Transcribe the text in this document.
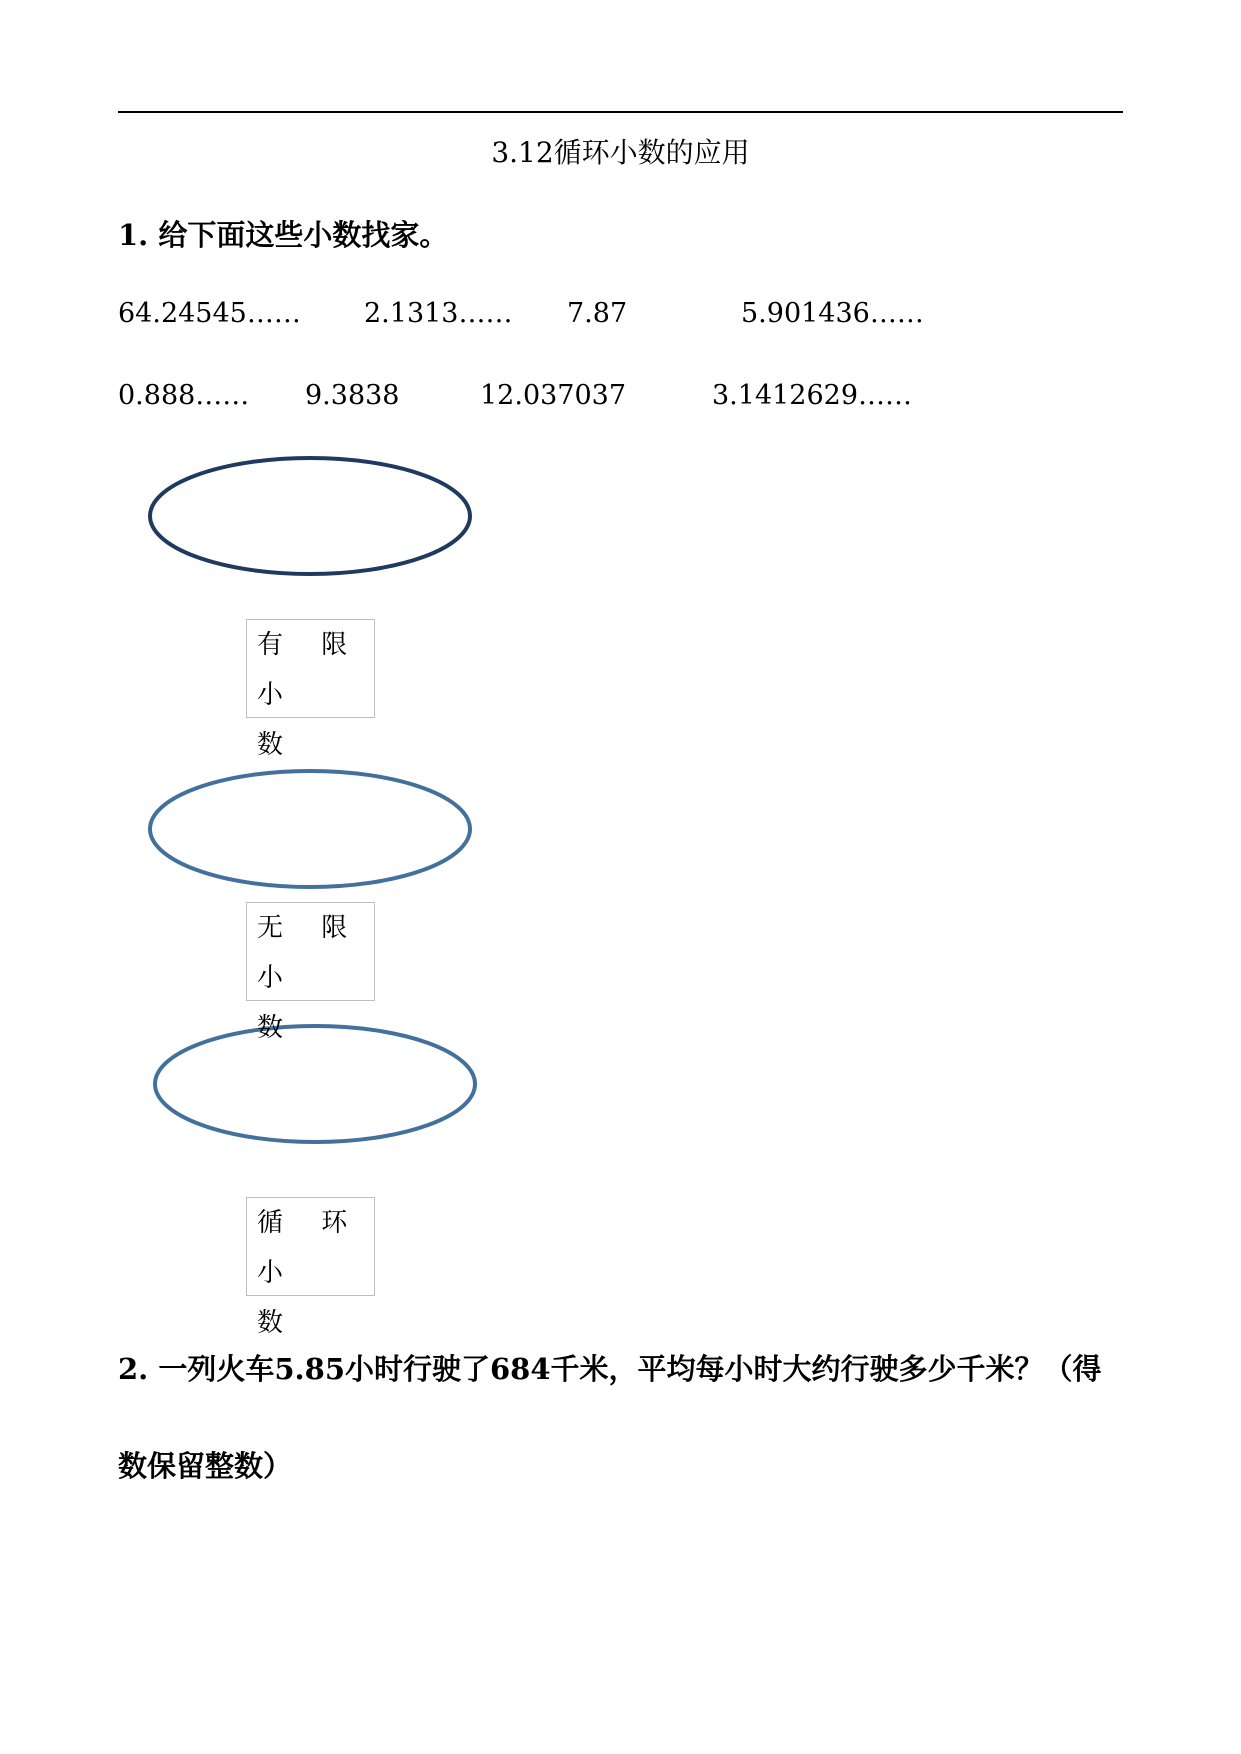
3.12循环小数的应用
1. 给下面这些小数找家。
64.24545…… 2.1313…… 7.87	5.901436……
0.888…… 9.3838	12.037037	3.1412629……
有 限 小
数
无 限 小
数
循 环 小
数
2. 一列火车5.85小时行驶了684千米，平均每小时大约行驶多少千米？（得
数保留整数）
